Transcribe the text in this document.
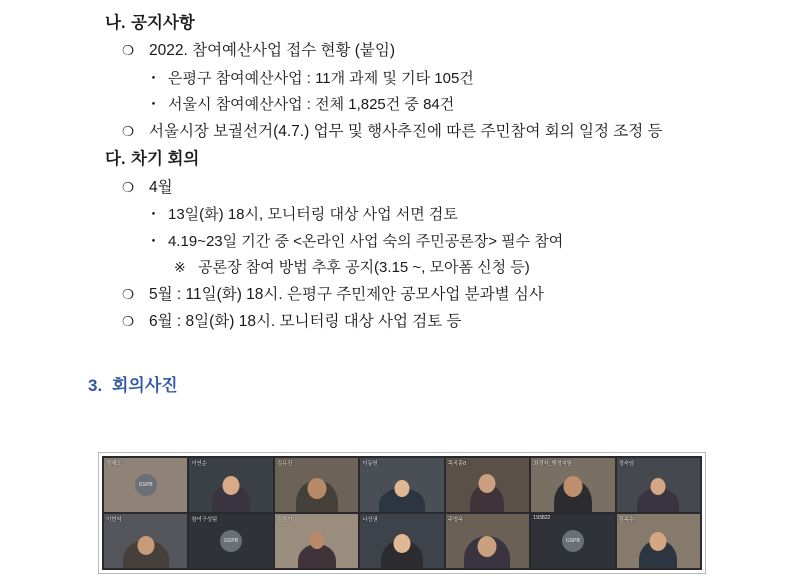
나. 공지사항
❍ 2022. 참여예산사업 접수 현황 (붙임)
・ 은평구 참여예산사업 : 11개 과제 및 기타 105건
・ 서울시 참여예산사업 : 전체 1,825건 중 84건
❍ 서울시장 보궐선거(4.7.) 업무 및 행사추진에 따른 주민참여 회의 일정 조정 등
다. 차기 회의
❍ 4월
・ 13일(화) 18시, 모니터링 대상 사업 서면 검토
・ 4.19~23일 기간 중 <온라인 사업 숙의 주민공론장> 필수 참여
※ 공론장 참여 방법 추후 공지(3.15 ~, 모아폼 신청 등)
❍ 5월 : 11일(화) 18시. 은평구 주민제안 공모사업 분과별 심사
❍ 6월 : 8일(화) 18시. 모니터링 대상 사업 검토 등
3. 회의사진
GSPB
정재오	이연순	김유진	이동헌	목곡홍8	최경자_행정지원	정숙임
이현지
GSPB
참여구성팀	김찬기	나상권	주명옥
GSPB
193822	김옥수
